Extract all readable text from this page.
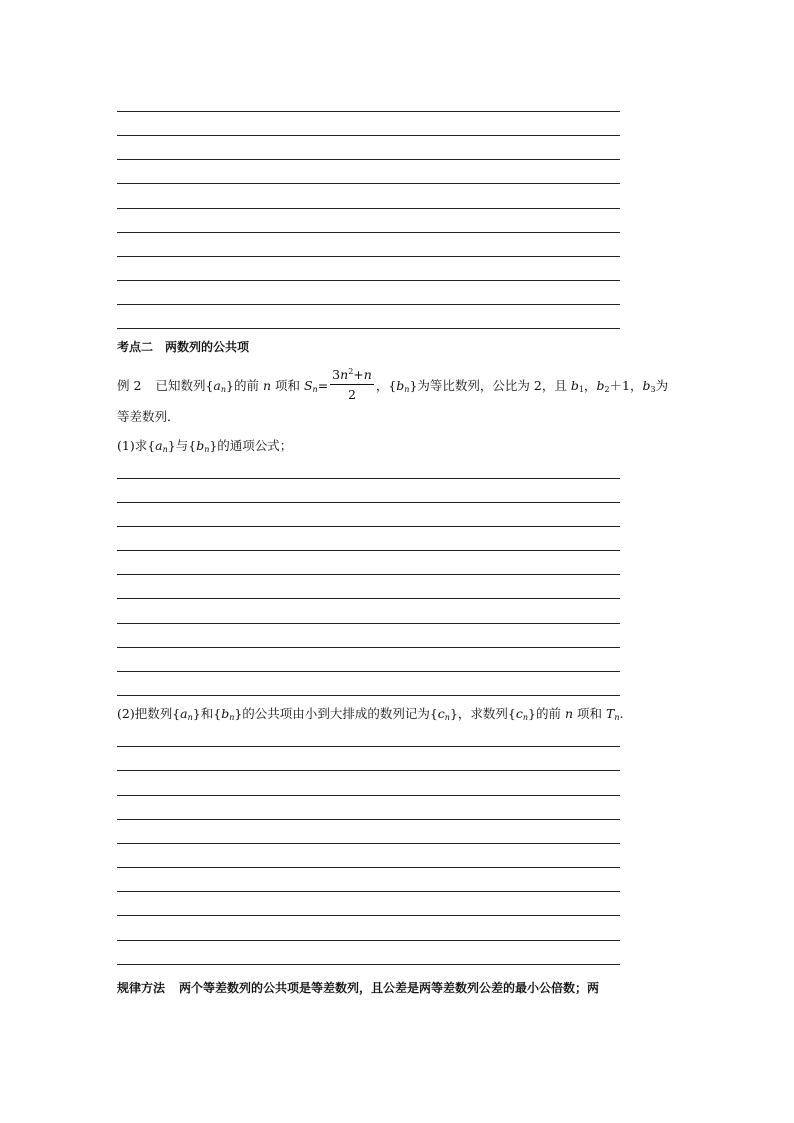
考点二　两数列的公共项
例 2 已知数列$\{a_n\}$的前 n 项和 $S_n= \frac{3n^2+n}{2}$ ，$\{b_n\}$为等比数列，公比为 2，且 $b_1$，$b_2+1$，$b_3$为
等差数列．
(1)求$\{a_n\}$与$\{b_n\}$的通项公式；
(2)把数列$\{a_n\}$和$\{b_n\}$的公共项由小到大排成的数列记为$\{c_n\}$，求数列$\{c_n\}$的前 n 项和 $T_n$.
规律方法 两个等差数列的公共项是等差数列，且公差是两等差数列公差的最小公倍数；两
